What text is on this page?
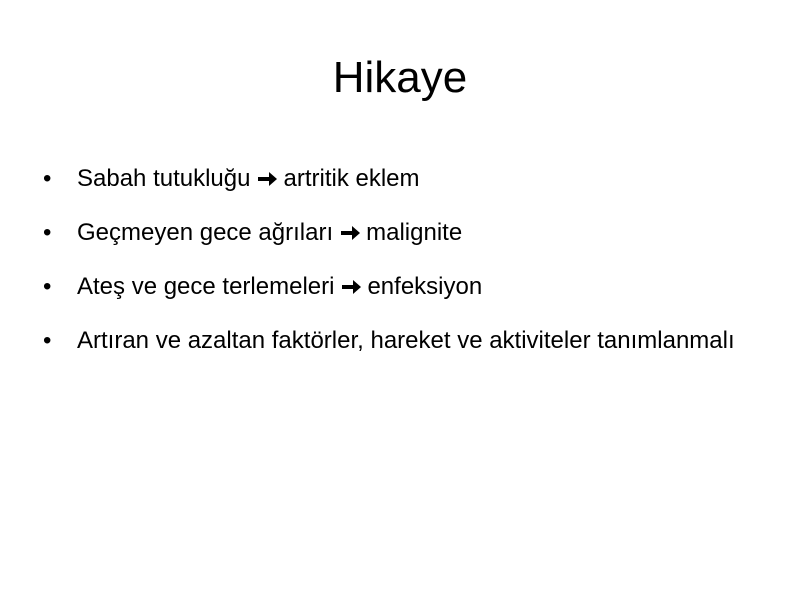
Hikaye
• Sabah tutukluğu artritik eklem
• Geçmeyen gece ağrıları malignite
• Ateş ve gece terlemeleri enfeksiyon
• Artıran ve azaltan faktörler, hareket ve aktiviteler tanımlanmalı
